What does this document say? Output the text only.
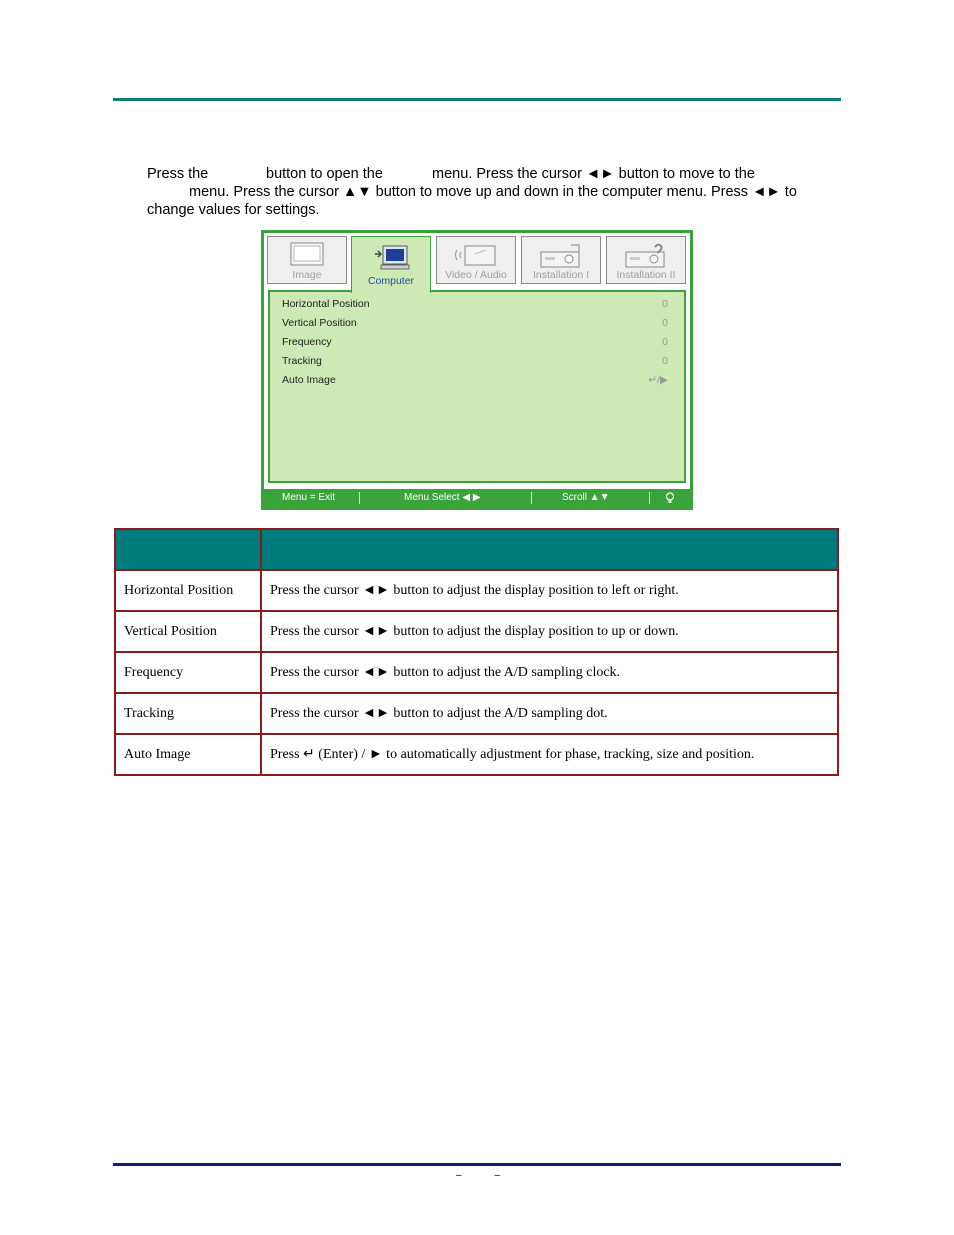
Press the	button to open the	menu. Press the cursor ◄► button to move to the
menu. Press the cursor ▲▼ button to move up and down in the computer menu. Press ◄► to
change values for settings.
Image	Computer	Video / Audio	Installation I	Installation II
Horizontal Position	0
Vertical Position	0
Frequency	0
Tracking	0
Auto Image	↵/▶
Menu = Exit	Menu Select ◀ ▶	Scroll ▲▼

Horizontal Position	Press the cursor ◄► button to adjust the display position to left or right.
Vertical Position	Press the cursor ◄► button to adjust the display position to up or down.
Frequency	Press the cursor ◄► button to adjust the A/D sampling clock.
Tracking	Press the cursor ◄► button to adjust the A/D sampling dot.
Auto Image	Press ↵ (Enter) / ► to automatically adjustment for phase, tracking, size and position.
–	–
